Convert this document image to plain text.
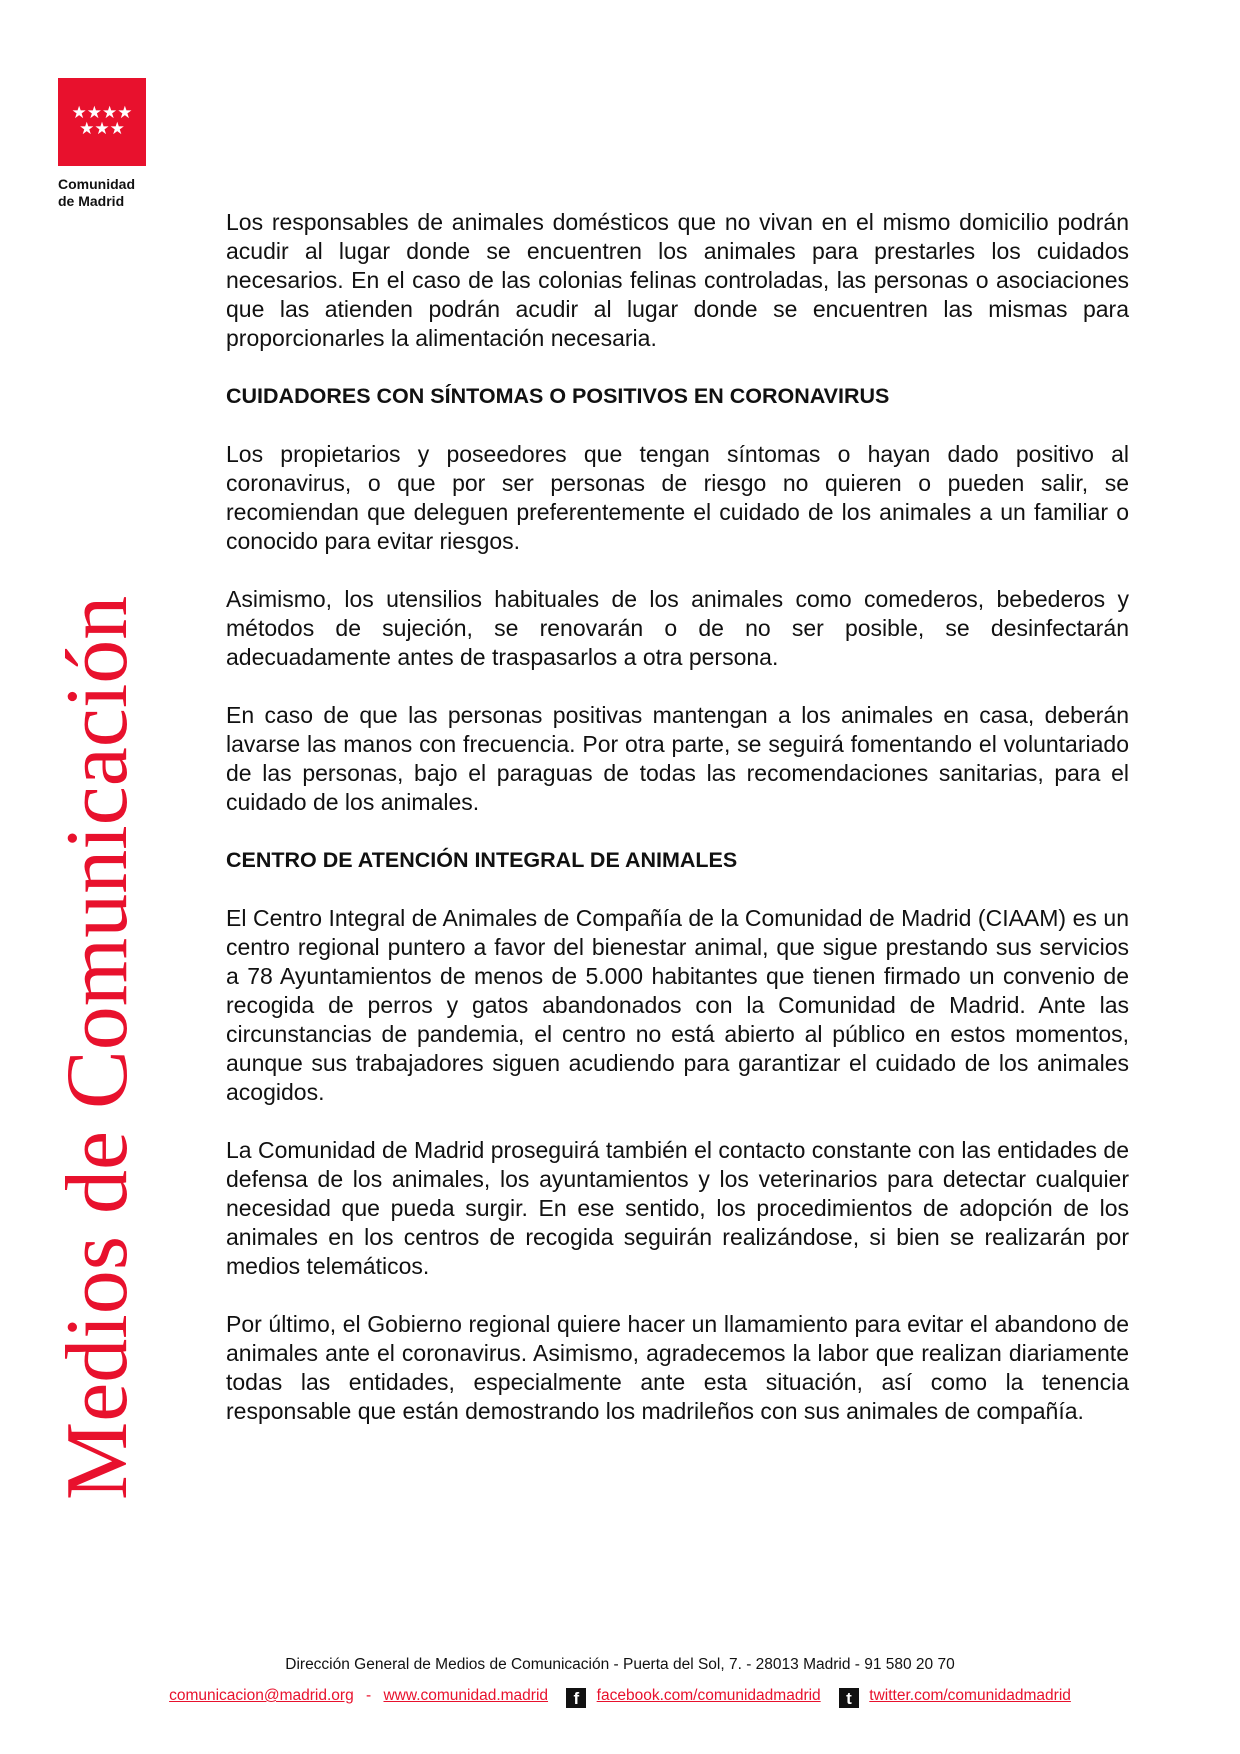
★★★★
★★★
Comunidad
de Madrid
Medios de Comunicación

Los responsables de animales domésticos que no vivan en el mismo domicilio podrán acudir al lugar donde se encuentren los animales para prestarles los cuidados necesarios. En el caso de las colonias felinas controladas, las personas o asociaciones que las atienden podrán acudir al lugar donde se encuentren las mismas para proporcionarles la alimentación necesaria.

CUIDADORES CON SÍNTOMAS O POSITIVOS EN CORONAVIRUS

Los propietarios y poseedores que tengan síntomas o hayan dado positivo al coronavirus, o que por ser personas de riesgo no quieren o pueden salir, se recomiendan que deleguen preferentemente el cuidado de los animales a un familiar o conocido para evitar riesgos.

Asimismo, los utensilios habituales de los animales como comederos, bebederos y métodos de sujeción, se renovarán o de no ser posible, se desinfectarán adecuadamente antes de traspasarlos a otra persona.

En caso de que las personas positivas mantengan a los animales en casa, deberán lavarse las manos con frecuencia. Por otra parte, se seguirá fomentando el voluntariado de las personas, bajo el paraguas de todas las recomendaciones sanitarias, para el cuidado de los animales.

CENTRO DE ATENCIÓN INTEGRAL DE ANIMALES

El Centro Integral de Animales de Compañía de la Comunidad de Madrid (CIAAM) es un centro regional puntero a favor del bienestar animal, que sigue prestando sus servicios a 78 Ayuntamientos de menos de 5.000 habitantes que tienen firmado un convenio de recogida de perros y gatos abandonados con la Comunidad de Madrid. Ante las circunstancias de pandemia, el centro no está abierto al público en estos momentos, aunque sus trabajadores siguen acudiendo para garantizar el cuidado de los animales acogidos.

La Comunidad de Madrid proseguirá también el contacto constante con las entidades de defensa de los animales, los ayuntamientos y los veterinarios para detectar cualquier necesidad que pueda surgir. En ese sentido, los procedimientos de adopción de los animales en los centros de recogida seguirán realizándose, si bien se realizarán por medios telemáticos.

Por último, el Gobierno regional quiere hacer un llamamiento para evitar el abandono de animales ante el coronavirus. Asimismo, agradecemos la labor que realizan diariamente todas las entidades, especialmente ante esta situación, así como la tenencia responsable que están demostrando los madrileños con sus animales de compañía.

Dirección General de Medios de Comunicación - Puerta del Sol, 7. - 28013 Madrid - 91 580 20 70
comunicacion@madrid.org - www.comunidad.madrid f facebook.com/comunidadmadrid t twitter.com/comunidadmadrid
